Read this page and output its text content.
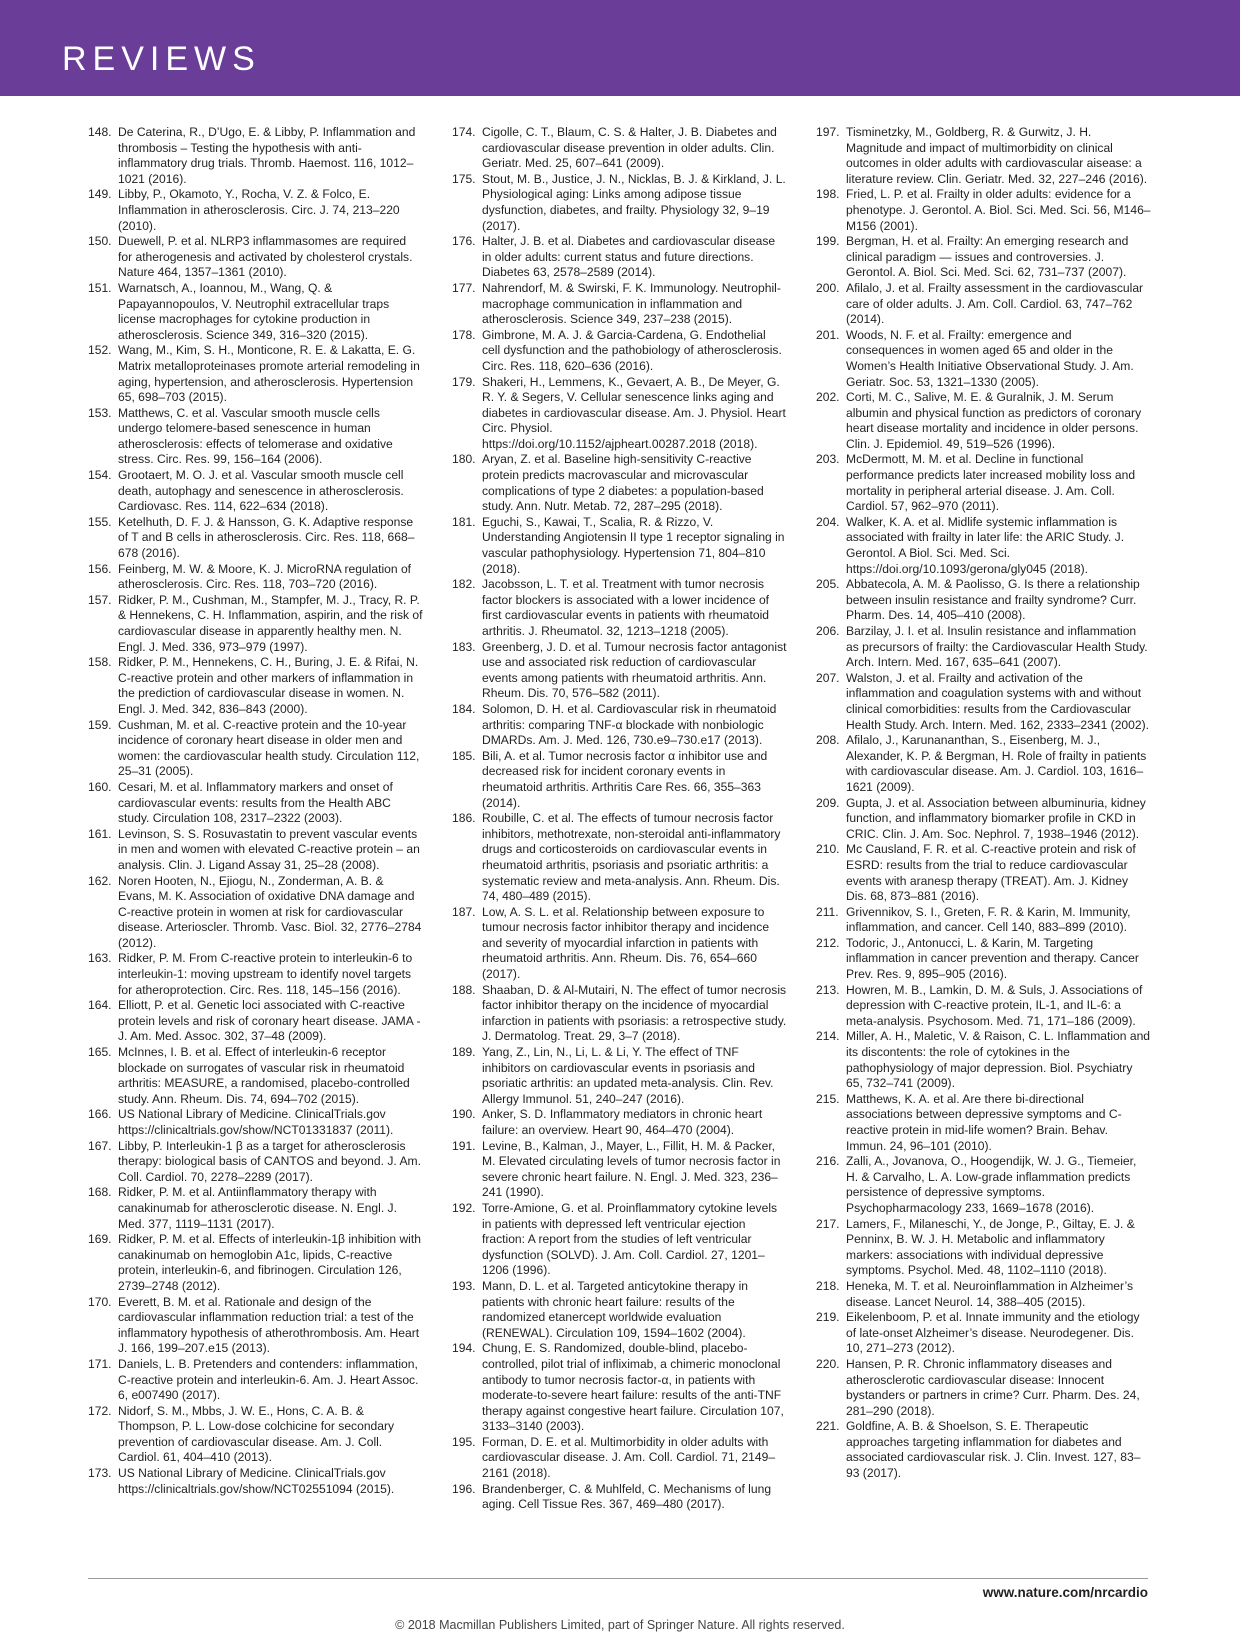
REVIEWS
148. De Caterina, R., D’Ugo, E. & Libby, P. Inflammation and thrombosis – Testing the hypothesis with anti-inflammatory drug trials. Thromb. Haemost. 116, 1012–1021 (2016).
149. Libby, P., Okamoto, Y., Rocha, V. Z. & Folco, E. Inflammation in atherosclerosis. Circ. J. 74, 213–220 (2010).
150. Duewell, P. et al. NLRP3 inflammasomes are required for atherogenesis and activated by cholesterol crystals. Nature 464, 1357–1361 (2010).
151. Warnatsch, A., Ioannou, M., Wang, Q. & Papayannopoulos, V. Neutrophil extracellular traps license macrophages for cytokine production in atherosclerosis. Science 349, 316–320 (2015).
152. Wang, M., Kim, S. H., Monticone, R. E. & Lakatta, E. G. Matrix metalloproteinases promote arterial remodeling in aging, hypertension, and atherosclerosis. Hypertension 65, 698–703 (2015).
153. Matthews, C. et al. Vascular smooth muscle cells undergo telomere-based senescence in human atherosclerosis: effects of telomerase and oxidative stress. Circ. Res. 99, 156–164 (2006).
154. Grootaert, M. O. J. et al. Vascular smooth muscle cell death, autophagy and senescence in atherosclerosis. Cardiovasc. Res. 114, 622–634 (2018).
155. Ketelhuth, D. F. J. & Hansson, G. K. Adaptive response of T and B cells in atherosclerosis. Circ. Res. 118, 668–678 (2016).
156. Feinberg, M. W. & Moore, K. J. MicroRNA regulation of atherosclerosis. Circ. Res. 118, 703–720 (2016).
157. Ridker, P. M., Cushman, M., Stampfer, M. J., Tracy, R. P. & Hennekens, C. H. Inflammation, aspirin, and the risk of cardiovascular disease in apparently healthy men. N. Engl. J. Med. 336, 973–979 (1997).
158. Ridker, P. M., Hennekens, C. H., Buring, J. E. & Rifai, N. C-reactive protein and other markers of inflammation in the prediction of cardiovascular disease in women. N. Engl. J. Med. 342, 836–843 (2000).
159. Cushman, M. et al. C-reactive protein and the 10-year incidence of coronary heart disease in older men and women: the cardiovascular health study. Circulation 112, 25–31 (2005).
160. Cesari, M. et al. Inflammatory markers and onset of cardiovascular events: results from the Health ABC study. Circulation 108, 2317–2322 (2003).
161. Levinson, S. S. Rosuvastatin to prevent vascular events in men and women with elevated C-reactive protein – an analysis. Clin. J. Ligand Assay 31, 25–28 (2008).
162. Noren Hooten, N., Ejiogu, N., Zonderman, A. B. & Evans, M. K. Association of oxidative DNA damage and C-reactive protein in women at risk for cardiovascular disease. Arterioscler. Thromb. Vasc. Biol. 32, 2776–2784 (2012).
163. Ridker, P. M. From C-reactive protein to interleukin-6 to interleukin-1: moving upstream to identify novel targets for atheroprotection. Circ. Res. 118, 145–156 (2016).
164. Elliott, P. et al. Genetic loci associated with C-reactive protein levels and risk of coronary heart disease. JAMA - J. Am. Med. Assoc. 302, 37–48 (2009).
165. McInnes, I. B. et al. Effect of interleukin-6 receptor blockade on surrogates of vascular risk in rheumatoid arthritis: MEASURE, a randomised, placebo-controlled study. Ann. Rheum. Dis. 74, 694–702 (2015).
166. US National Library of Medicine. ClinicalTrials.gov https://clinicaltrials.gov/show/NCT01331837 (2011).
167. Libby, P. Interleukin-1 β as a target for atherosclerosis therapy: biological basis of CANTOS and beyond. J. Am. Coll. Cardiol. 70, 2278–2289 (2017).
168. Ridker, P. M. et al. Antiinflammatory therapy with canakinumab for atherosclerotic disease. N. Engl. J. Med. 377, 1119–1131 (2017).
169. Ridker, P. M. et al. Effects of interleukin-1β inhibition with canakinumab on hemoglobin A1c, lipids, C-reactive protein, interleukin-6, and fibrinogen. Circulation 126, 2739–2748 (2012).
170. Everett, B. M. et al. Rationale and design of the cardiovascular inflammation reduction trial: a test of the inflammatory hypothesis of atherothrombosis. Am. Heart J. 166, 199–207.e15 (2013).
171. Daniels, L. B. Pretenders and contenders: inflammation, C-reactive protein and interleukin-6. Am. J. Heart Assoc. 6, e007490 (2017).
172. Nidorf, S. M., Mbbs, J. W. E., Hons, C. A. B. & Thompson, P. L. Low-dose colchicine for secondary prevention of cardiovascular disease. Am. J. Coll. Cardiol. 61, 404–410 (2013).
173. US National Library of Medicine. ClinicalTrials.gov https://clinicaltrials.gov/show/NCT02551094 (2015).
174. Cigolle, C. T., Blaum, C. S. & Halter, J. B. Diabetes and cardiovascular disease prevention in older adults. Clin. Geriatr. Med. 25, 607–641 (2009).
175. Stout, M. B., Justice, J. N., Nicklas, B. J. & Kirkland, J. L. Physiological aging: Links among adipose tissue dysfunction, diabetes, and frailty. Physiology 32, 9–19 (2017).
176. Halter, J. B. et al. Diabetes and cardiovascular disease in older adults: current status and future directions. Diabetes 63, 2578–2589 (2014).
177. Nahrendorf, M. & Swirski, F. K. Immunology. Neutrophil-macrophage communication in inflammation and atherosclerosis. Science 349, 237–238 (2015).
178. Gimbrone, M. A. J. & Garcia-Cardena, G. Endothelial cell dysfunction and the pathobiology of atherosclerosis. Circ. Res. 118, 620–636 (2016).
179. Shakeri, H., Lemmens, K., Gevaert, A. B., De Meyer, G. R. Y. & Segers, V. Cellular senescence links aging and diabetes in cardiovascular disease. Am. J. Physiol. Heart Circ. Physiol. https://doi.org/10.1152/ajpheart.00287.2018 (2018).
180. Aryan, Z. et al. Baseline high-sensitivity C-reactive protein predicts macrovascular and microvascular complications of type 2 diabetes: a population-based study. Ann. Nutr. Metab. 72, 287–295 (2018).
181. Eguchi, S., Kawai, T., Scalia, R. & Rizzo, V. Understanding Angiotensin II type 1 receptor signaling in vascular pathophysiology. Hypertension 71, 804–810 (2018).
182. Jacobsson, L. T. et al. Treatment with tumor necrosis factor blockers is associated with a lower incidence of first cardiovascular events in patients with rheumatoid arthritis. J. Rheumatol. 32, 1213–1218 (2005).
183. Greenberg, J. D. et al. Tumour necrosis factor antagonist use and associated risk reduction of cardiovascular events among patients with rheumatoid arthritis. Ann. Rheum. Dis. 70, 576–582 (2011).
184. Solomon, D. H. et al. Cardiovascular risk in rheumatoid arthritis: comparing TNF-α blockade with nonbiologic DMARDs. Am. J. Med. 126, 730.e9–730.e17 (2013).
185. Bili, A. et al. Tumor necrosis factor α inhibitor use and decreased risk for incident coronary events in rheumatoid arthritis. Arthritis Care Res. 66, 355–363 (2014).
186. Roubille, C. et al. The effects of tumour necrosis factor inhibitors, methotrexate, non-steroidal anti-inflammatory drugs and corticosteroids on cardiovascular events in rheumatoid arthritis, psoriasis and psoriatic arthritis: a systematic review and meta-analysis. Ann. Rheum. Dis. 74, 480–489 (2015).
187. Low, A. S. L. et al. Relationship between exposure to tumour necrosis factor inhibitor therapy and incidence and severity of myocardial infarction in patients with rheumatoid arthritis. Ann. Rheum. Dis. 76, 654–660 (2017).
188. Shaaban, D. & Al-Mutairi, N. The effect of tumor necrosis factor inhibitor therapy on the incidence of myocardial infarction in patients with psoriasis: a retrospective study. J. Dermatolog. Treat. 29, 3–7 (2018).
189. Yang, Z., Lin, N., Li, L. & Li, Y. The effect of TNF inhibitors on cardiovascular events in psoriasis and psoriatic arthritis: an updated meta-analysis. Clin. Rev. Allergy Immunol. 51, 240–247 (2016).
190. Anker, S. D. Inflammatory mediators in chronic heart failure: an overview. Heart 90, 464–470 (2004).
191. Levine, B., Kalman, J., Mayer, L., Fillit, H. M. & Packer, M. Elevated circulating levels of tumor necrosis factor in severe chronic heart failure. N. Engl. J. Med. 323, 236–241 (1990).
192. Torre-Amione, G. et al. Proinflammatory cytokine levels in patients with depressed left ventricular ejection fraction: A report from the studies of left ventricular dysfunction (SOLVD). J. Am. Coll. Cardiol. 27, 1201–1206 (1996).
193. Mann, D. L. et al. Targeted anticytokine therapy in patients with chronic heart failure: results of the randomized etanercept worldwide evaluation (RENEWAL). Circulation 109, 1594–1602 (2004).
194. Chung, E. S. Randomized, double-blind, placebo-controlled, pilot trial of infliximab, a chimeric monoclonal antibody to tumor necrosis factor-α, in patients with moderate-to-severe heart failure: results of the anti-TNF therapy against congestive heart failure. Circulation 107, 3133–3140 (2003).
195. Forman, D. E. et al. Multimorbidity in older adults with cardiovascular disease. J. Am. Coll. Cardiol. 71, 2149–2161 (2018).
196. Brandenberger, C. & Muhlfeld, C. Mechanisms of lung aging. Cell Tissue Res. 367, 469–480 (2017).
197. Tisminetzky, M., Goldberg, R. & Gurwitz, J. H. Magnitude and impact of multimorbidity on clinical outcomes in older adults with cardiovascular aisease: a literature review. Clin. Geriatr. Med. 32, 227–246 (2016).
198. Fried, L. P. et al. Frailty in older adults: evidence for a phenotype. J. Gerontol. A. Biol. Sci. Med. Sci. 56, M146–M156 (2001).
199. Bergman, H. et al. Frailty: An emerging research and clinical paradigm — issues and controversies. J. Gerontol. A. Biol. Sci. Med. Sci. 62, 731–737 (2007).
200. Afilalo, J. et al. Frailty assessment in the cardiovascular care of older adults. J. Am. Coll. Cardiol. 63, 747–762 (2014).
201. Woods, N. F. et al. Frailty: emergence and consequences in women aged 65 and older in the Women’s Health Initiative Observational Study. J. Am. Geriatr. Soc. 53, 1321–1330 (2005).
202. Corti, M. C., Salive, M. E. & Guralnik, J. M. Serum albumin and physical function as predictors of coronary heart disease mortality and incidence in older persons. Clin. J. Epidemiol. 49, 519–526 (1996).
203. McDermott, M. M. et al. Decline in functional performance predicts later increased mobility loss and mortality in peripheral arterial disease. J. Am. Coll. Cardiol. 57, 962–970 (2011).
204. Walker, K. A. et al. Midlife systemic inflammation is associated with frailty in later life: the ARIC Study. J. Gerontol. A Biol. Sci. Med. Sci. https://doi.org/10.1093/gerona/gly045 (2018).
205. Abbatecola, A. M. & Paolisso, G. Is there a relationship between insulin resistance and frailty syndrome? Curr. Pharm. Des. 14, 405–410 (2008).
206. Barzilay, J. I. et al. Insulin resistance and inflammation as precursors of frailty: the Cardiovascular Health Study. Arch. Intern. Med. 167, 635–641 (2007).
207. Walston, J. et al. Frailty and activation of the inflammation and coagulation systems with and without clinical comorbidities: results from the Cardiovascular Health Study. Arch. Intern. Med. 162, 2333–2341 (2002).
208. Afilalo, J., Karunananthan, S., Eisenberg, M. J., Alexander, K. P. & Bergman, H. Role of frailty in patients with cardiovascular disease. Am. J. Cardiol. 103, 1616–1621 (2009).
209. Gupta, J. et al. Association between albuminuria, kidney function, and inflammatory biomarker profile in CKD in CRIC. Clin. J. Am. Soc. Nephrol. 7, 1938–1946 (2012).
210. Mc Causland, F. R. et al. C-reactive protein and risk of ESRD: results from the trial to reduce cardiovascular events with aranesp therapy (TREAT). Am. J. Kidney Dis. 68, 873–881 (2016).
211. Grivennikov, S. I., Greten, F. R. & Karin, M. Immunity, inflammation, and cancer. Cell 140, 883–899 (2010).
212. Todoric, J., Antonucci, L. & Karin, M. Targeting inflammation in cancer prevention and therapy. Cancer Prev. Res. 9, 895–905 (2016).
213. Howren, M. B., Lamkin, D. M. & Suls, J. Associations of depression with C-reactive protein, IL-1, and IL-6: a meta-analysis. Psychosom. Med. 71, 171–186 (2009).
214. Miller, A. H., Maletic, V. & Raison, C. L. Inflammation and its discontents: the role of cytokines in the pathophysiology of major depression. Biol. Psychiatry 65, 732–741 (2009).
215. Matthews, K. A. et al. Are there bi-directional associations between depressive symptoms and C-reactive protein in mid-life women? Brain. Behav. Immun. 24, 96–101 (2010).
216. Zalli, A., Jovanova, O., Hoogendijk, W. J. G., Tiemeier, H. & Carvalho, L. A. Low-grade inflammation predicts persistence of depressive symptoms. Psychopharmacology 233, 1669–1678 (2016).
217. Lamers, F., Milaneschi, Y., de Jonge, P., Giltay, E. J. & Penninx, B. W. J. H. Metabolic and inflammatory markers: associations with individual depressive symptoms. Psychol. Med. 48, 1102–1110 (2018).
218. Heneka, M. T. et al. Neuroinflammation in Alzheimer’s disease. Lancet Neurol. 14, 388–405 (2015).
219. Eikelenboom, P. et al. Innate immunity and the etiology of late-onset Alzheimer’s disease. Neurodegener. Dis. 10, 271–273 (2012).
220. Hansen, P. R. Chronic inflammatory diseases and atherosclerotic cardiovascular disease: Innocent bystanders or partners in crime? Curr. Pharm. Des. 24, 281–290 (2018).
221. Goldfine, A. B. & Shoelson, S. E. Therapeutic approaches targeting inflammation for diabetes and associated cardiovascular risk. J. Clin. Invest. 127, 83–93 (2017).
www.nature.com/nrcardio
© 2018 Macmillan Publishers Limited, part of Springer Nature. All rights reserved.
